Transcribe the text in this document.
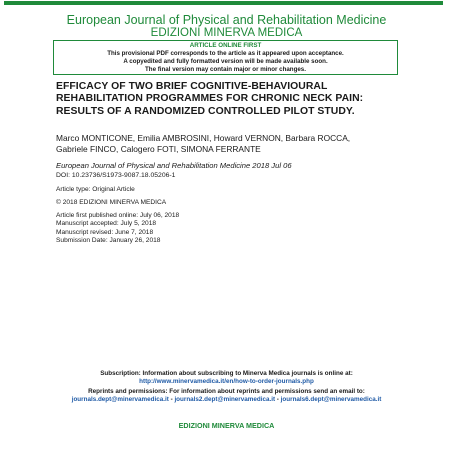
European Journal of Physical and Rehabilitation Medicine
EDIZIONI MINERVA MEDICA
ARTICLE ONLINE FIRST
This provisional PDF corresponds to the article as it appeared upon acceptance.
A copyedited and fully formatted version will be made available soon.
The final version may contain major or minor changes.
EFFICACY OF TWO BRIEF COGNITIVE-BEHAVIOURAL REHABILITATION PROGRAMMES FOR CHRONIC NECK PAIN: RESULTS OF A RANDOMIZED CONTROLLED PILOT STUDY.
Marco MONTICONE, Emilia AMBROSINI, Howard VERNON, Barbara ROCCA,
Gabriele FINCO, Calogero FOTI, SIMONA FERRANTE
European Journal of Physical and Rehabilitation Medicine 2018 Jul 06
DOI: 10.23736/S1973-9087.18.05206-1
Article type: Original Article
© 2018 EDIZIONI MINERVA MEDICA
Article first published online: July 06, 2018
Manuscript accepted: July 5, 2018
Manuscript revised: June 7, 2018
Submission Date: January 26, 2018
Subscription: Information about subscribing to Minerva Medica journals is online at:
http://www.minervamedica.it/en/how-to-order-journals.php
Reprints and permissions: For information about reprints and permissions send an email to:
journals.dept@minervamedica.it - journals2.dept@minervamedica.it - journals6.dept@minervamedica.it
EDIZIONI MINERVA MEDICA
